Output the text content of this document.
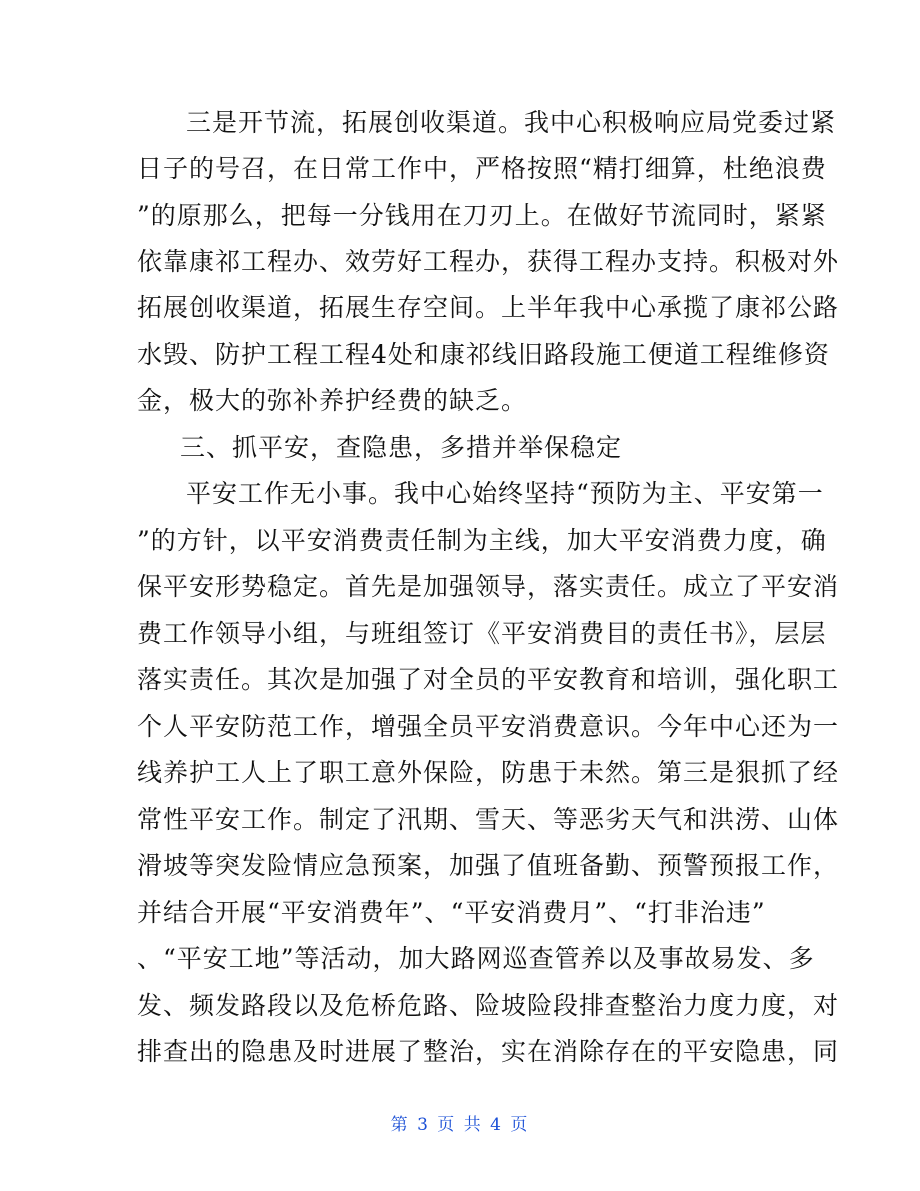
三是开节流，拓展创收渠道。我中心积极响应局党委过紧
日子的号召，在日常工作中，严格按照“精打细算，杜绝浪费
”的原那么，把每一分钱用在刀刃上。在做好节流同时，紧紧
依靠康祁工程办、效劳好工程办，获得工程办支持。积极对外
拓展创收渠道，拓展生存空间。上半年我中心承揽了康祁公路
水毁、防护工程工程4处和康祁线旧路段施工便道工程维修资
金，极大的弥补养护经费的缺乏。
三、抓平安，查隐患，多措并举保稳定
平安工作无小事。我中心始终坚持“预防为主、平安第一
”的方针，以平安消费责任制为主线，加大平安消费力度，确
保平安形势稳定。首先是加强领导，落实责任。成立了平安消
费工作领导小组，与班组签订《平安消费目的责任书》，层层
落实责任。其次是加强了对全员的平安教育和培训，强化职工
个人平安防范工作，增强全员平安消费意识。今年中心还为一
线养护工人上了职工意外保险，防患于未然。第三是狠抓了经
常性平安工作。制定了汛期、雪天、等恶劣天气和洪涝、山体
滑坡等突发险情应急预案，加强了值班备勤、预警预报工作，
并结合开展“平安消费年”、“平安消费月”、“打非治违”
、“平安工地”等活动，加大路网巡查管养以及事故易发、多
发、频发路段以及危桥危路、险坡险段排查整治力度力度，对
排查出的隐患及时进展了整治，实在消除存在的平安隐患，同
第 3 页 共 4 页
